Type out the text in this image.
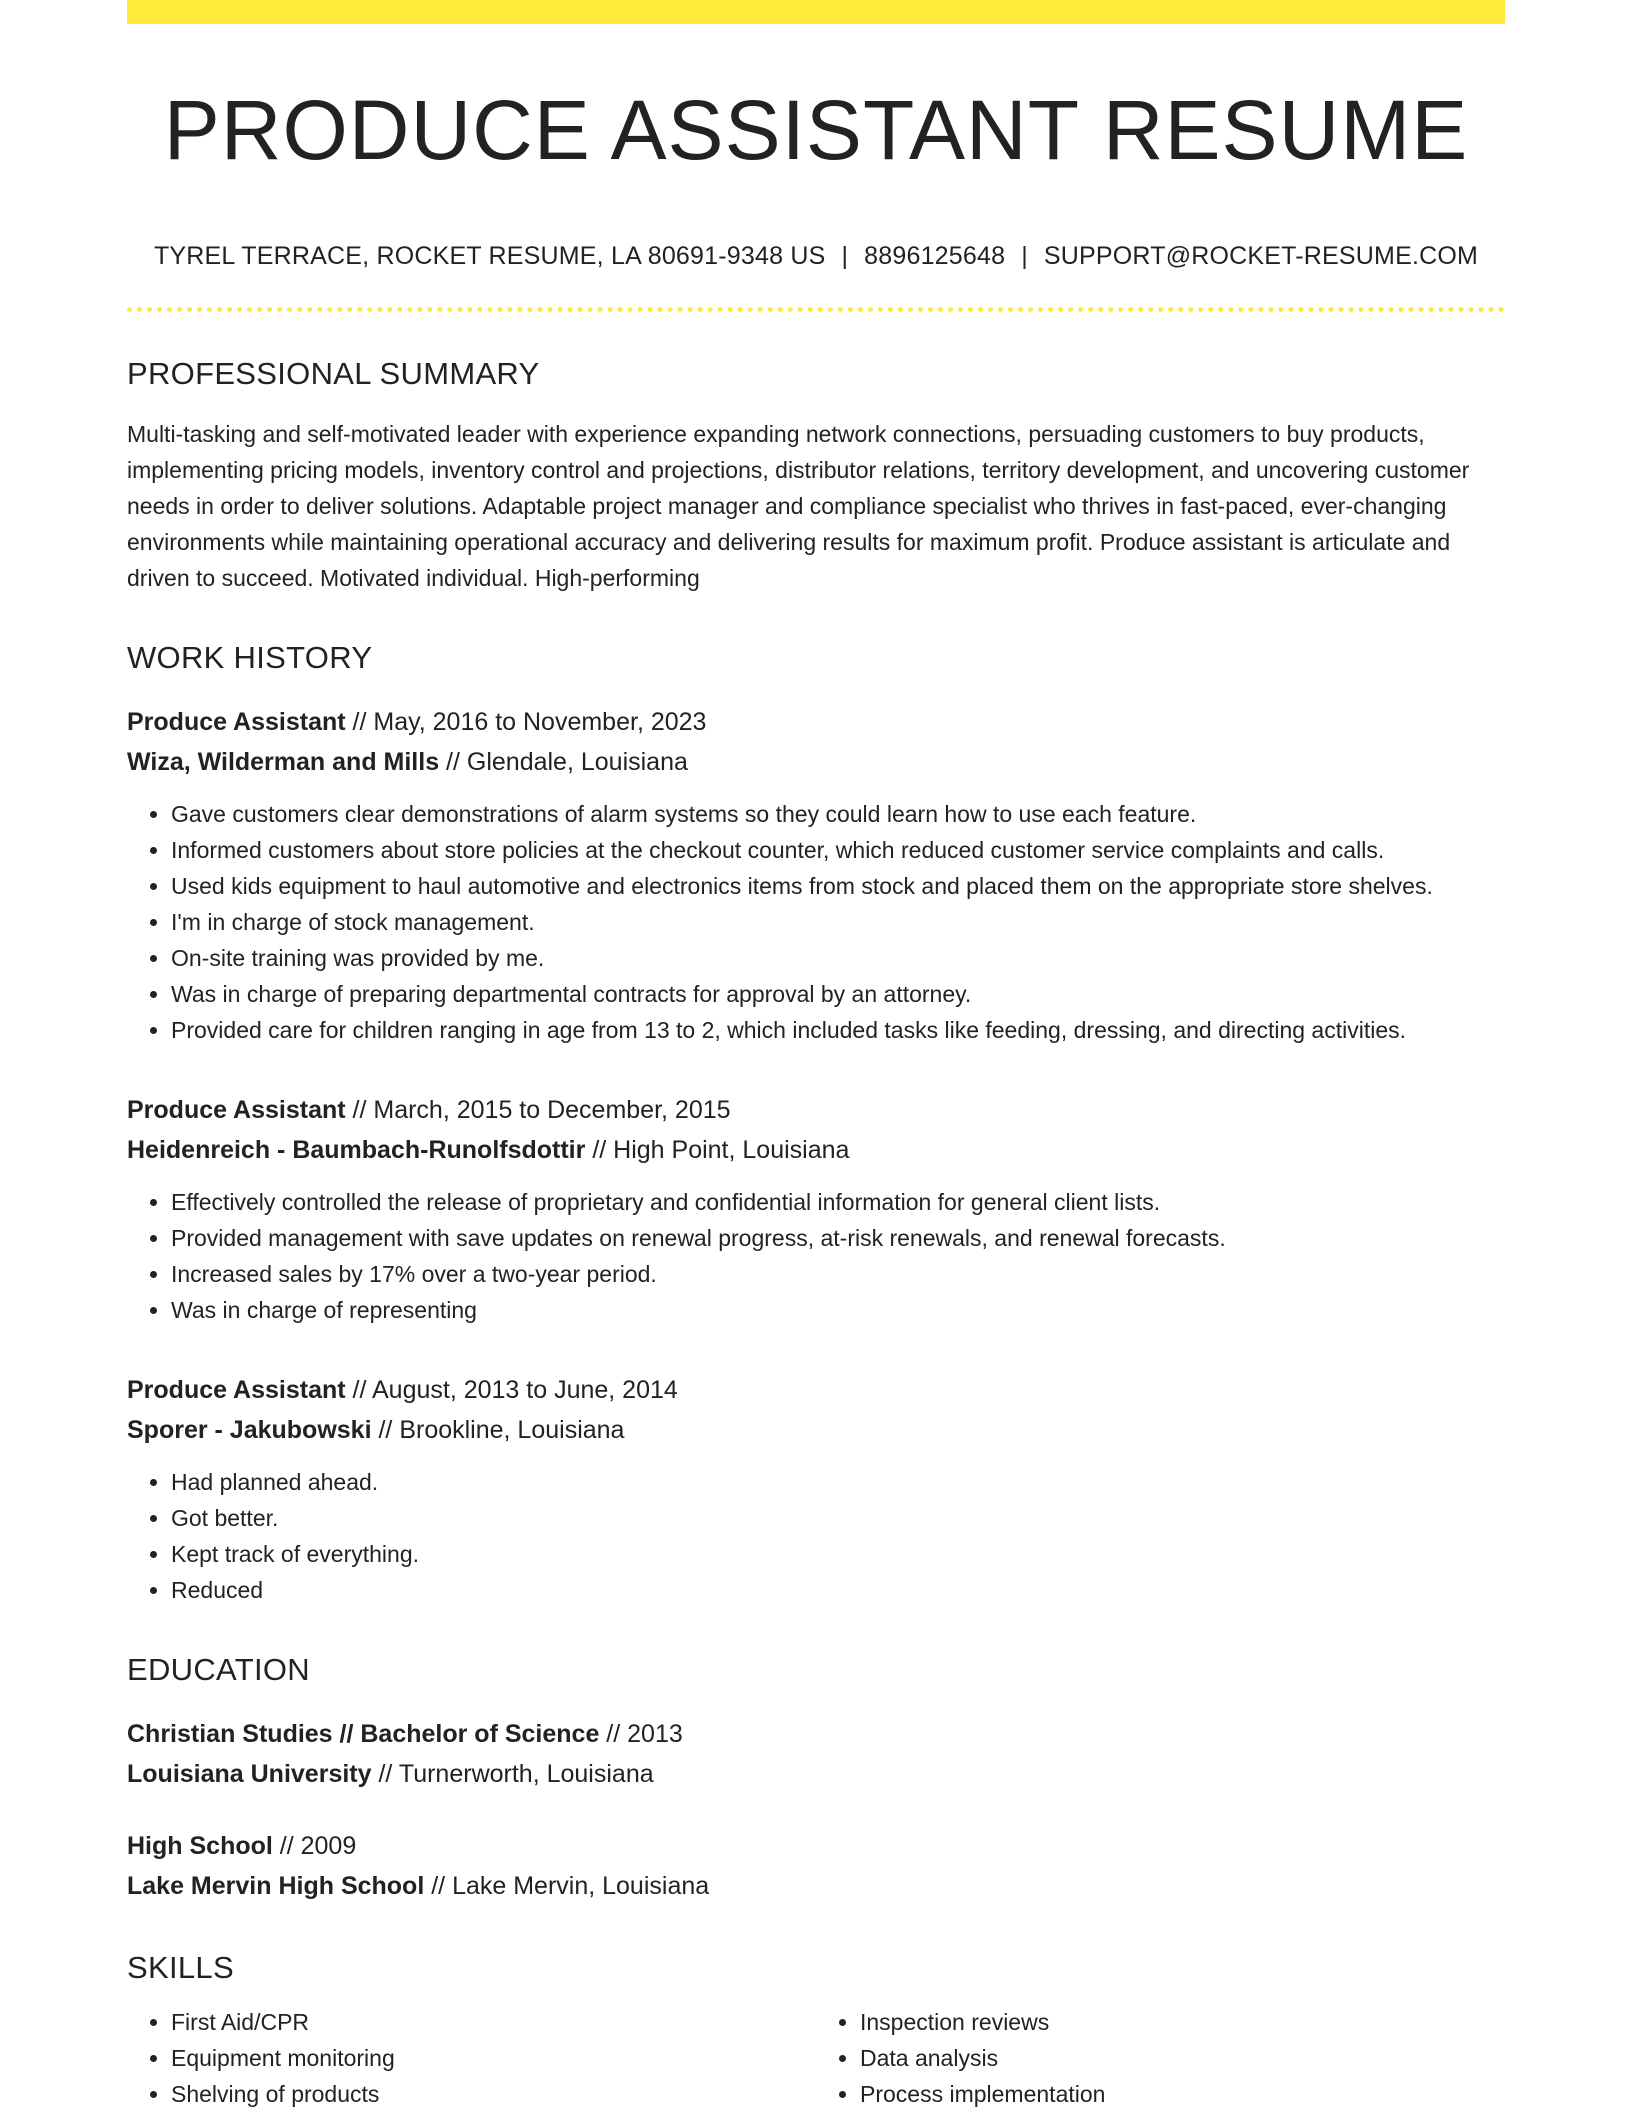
PRODUCE ASSISTANT RESUME
TYREL TERRACE, ROCKET RESUME, LA 80691-9348 US | 8896125648 | SUPPORT@ROCKET-RESUME.COM
PROFESSIONAL SUMMARY

Multi-tasking and self-motivated leader with experience expanding network connections, persuading customers to buy products, implementing pricing models, inventory control and projections, distributor relations, territory development, and uncovering customer needs in order to deliver solutions. Adaptable project manager and compliance specialist who thrives in fast-paced, ever-changing environments while maintaining operational accuracy and delivering results for maximum profit. Produce assistant is articulate and driven to succeed. Motivated individual. High-performing

WORK HISTORY
Produce Assistant // May, 2016 to November, 2023
Wiza, Wilderman and Mills // Glendale, Louisiana
• Gave customers clear demonstrations of alarm systems so they could learn how to use each feature.
• Informed customers about store policies at the checkout counter, which reduced customer service complaints and calls.
• Used kids equipment to haul automotive and electronics items from stock and placed them on the appropriate store shelves.
• I'm in charge of stock management.
• On-site training was provided by me.
• Was in charge of preparing departmental contracts for approval by an attorney.
• Provided care for children ranging in age from 13 to 2, which included tasks like feeding, dressing, and directing activities.
Produce Assistant // March, 2015 to December, 2015
Heidenreich - Baumbach-Runolfsdottir // High Point, Louisiana
• Effectively controlled the release of proprietary and confidential information for general client lists.
• Provided management with save updates on renewal progress, at-risk renewals, and renewal forecasts.
• Increased sales by 17% over a two-year period.
• Was in charge of representing
Produce Assistant // August, 2013 to June, 2014
Sporer - Jakubowski // Brookline, Louisiana
• Had planned ahead.
• Got better.
• Kept track of everything.
• Reduced
EDUCATION
Christian Studies // Bachelor of Science // 2013
Louisiana University // Turnerworth, Louisiana
High School // 2009
Lake Mervin High School // Lake Mervin, Louisiana
SKILLS
• First Aid/CPR
• Equipment monitoring
• Shelving of products
• Inspection reviews
• Data analysis
• Process implementation
